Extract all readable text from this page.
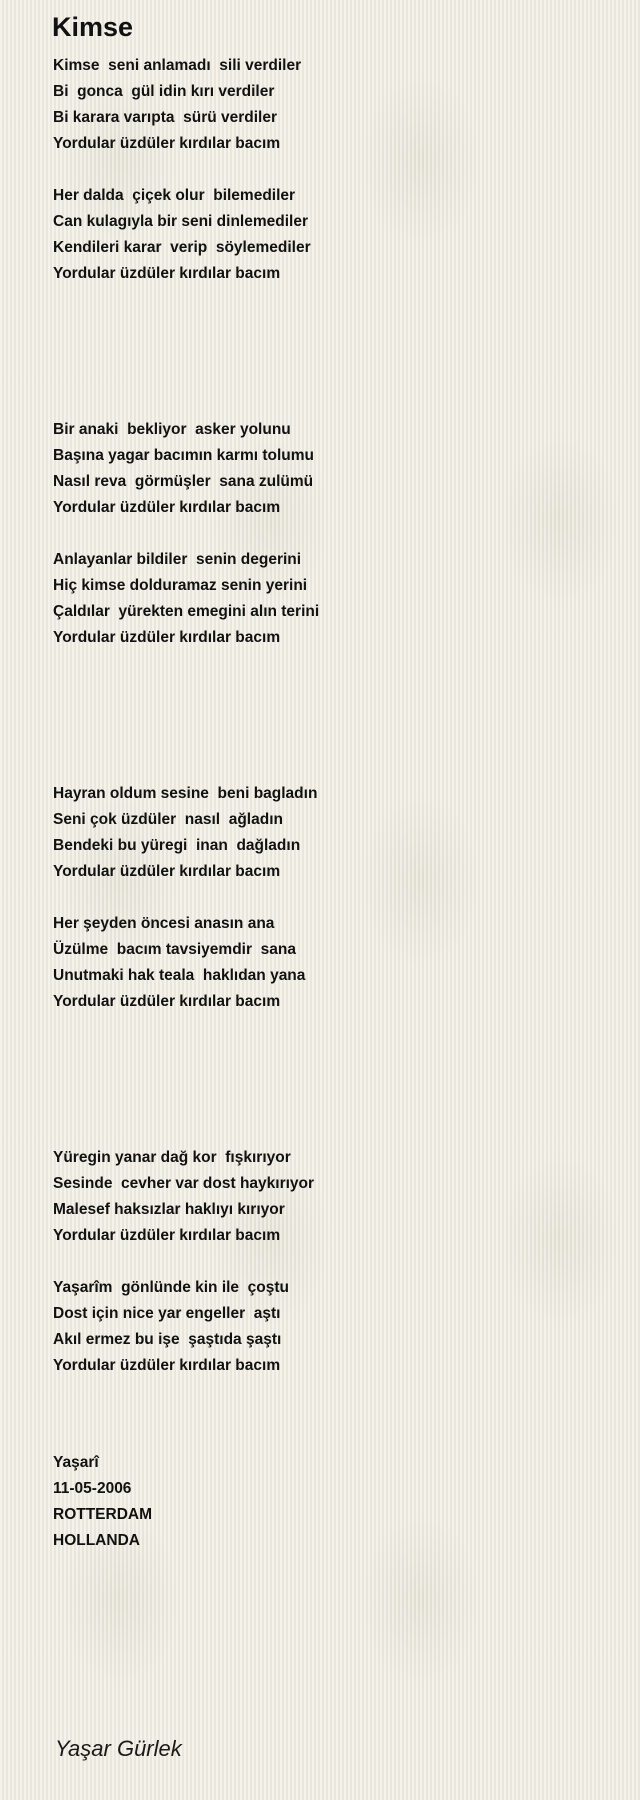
Kimse
Kimse  seni anlamadı  sili verdiler
Bi  gonca  gül idin kırı verdiler
Bi karara varıpta  sürü verdiler
Yordular üzdüler kırdılar bacım
Her dalda  çiçek olur  bilemediler
Can kulagıyla bir seni dinlemediler
Kendileri karar  verip  söylemediler
Yordular üzdüler kırdılar bacım
Bir anaki  bekliyor  asker yolunu
Başına yagar bacımın karmı tolumu
Nasıl reva  görmüşler  sana zulümü
Yordular üzdüler kırdılar bacım
Anlayanlar bildiler  senin degerini
Hiç kimse dolduramaz senin yerini
Çaldılar  yürekten emegini alın terini
Yordular üzdüler kırdılar bacım
Hayran oldum sesine  beni bagladın
Seni çok üzdüler  nasıl  ağladın
Bendeki bu yüregi  inan  dağladın
Yordular üzdüler kırdılar bacım
Her şeyden öncesi anasın ana
Üzülme  bacım tavsiyemdir  sana
Unutmaki hak teala  haklıdan yana
Yordular üzdüler kırdılar bacım
Yüregin yanar dağ kor  fışkırıyor
Sesinde  cevher var dost haykırıyor
Malesef haksızlar haklıyı kırıyor
Yordular üzdüler kırdılar bacım
Yaşarîm  gönlünde kin ile  çoştu
Dost için nice yar engeller  aştı
Akıl ermez bu işe  şaştıda şaştı
Yordular üzdüler kırdılar bacım
Yaşarî
11-05-2006
ROTTERDAM
HOLLANDA
Yaşar Gürlek
